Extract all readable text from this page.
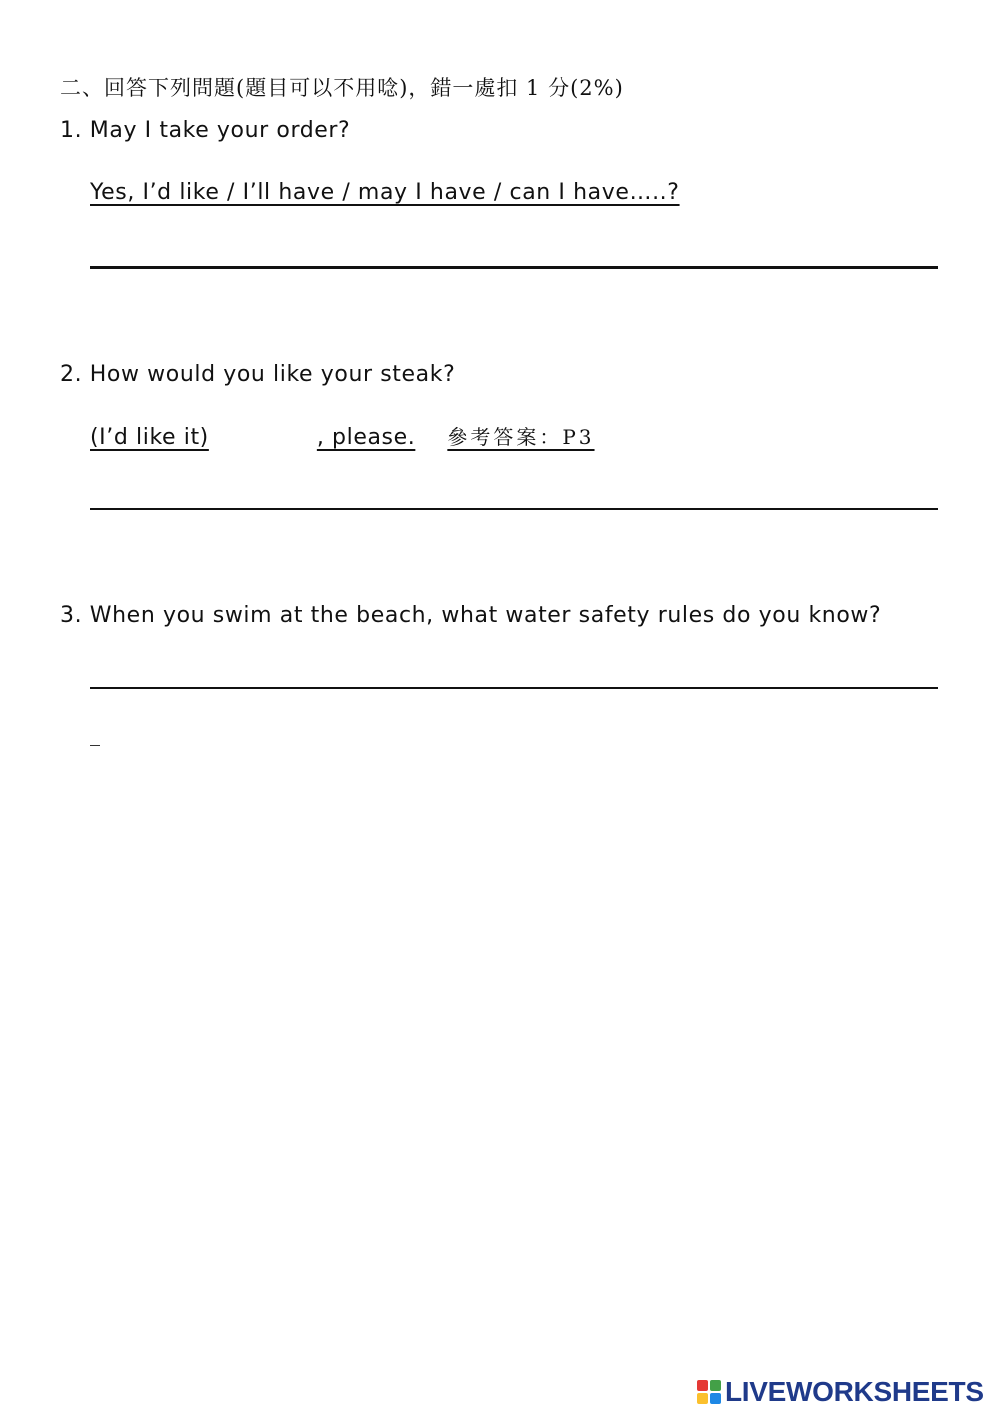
二、回答下列問題(題目可以不用唸)，錯一處扣 1 分(2%)
1. May I take your order?
Yes, I’d like / I’ll have / may I have / can I have…..?
2. How would you like your steak?
(I’d like it)	, please. 參考答案：P3
3. When you swim at the beach, what water safety rules do you know?
LIVEWORKSHEETS
